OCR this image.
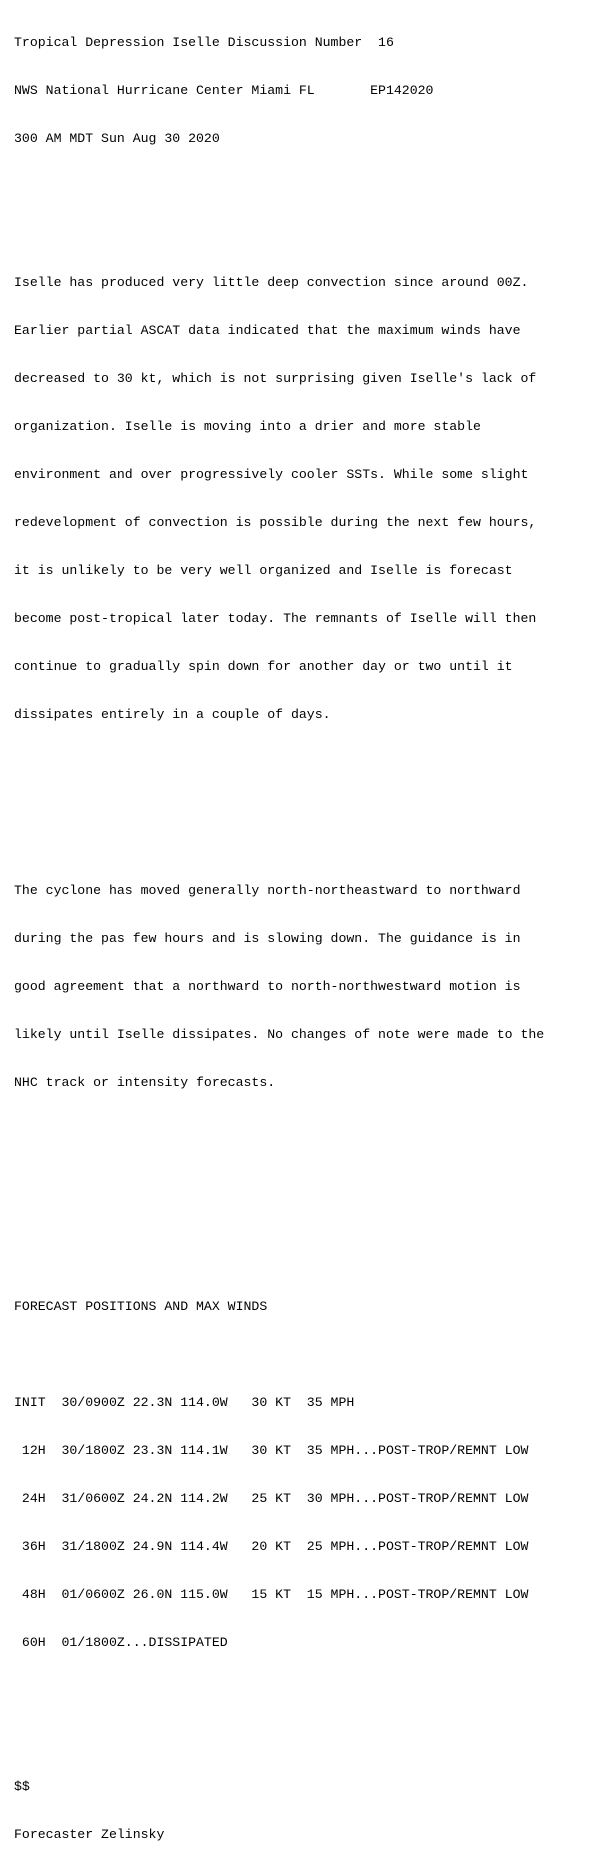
Tropical Depression Iselle Discussion Number  16

NWS National Hurricane Center Miami FL       EP142020

300 AM MDT Sun Aug 30 2020

Iselle has produced very little deep convection since around 00Z.

Earlier partial ASCAT data indicated that the maximum winds have

decreased to 30 kt, which is not surprising given Iselle's lack of

organization. Iselle is moving into a drier and more stable

environment and over progressively cooler SSTs. While some slight

redevelopment of convection is possible during the next few hours,

it is unlikely to be very well organized and Iselle is forecast

become post-tropical later today. The remnants of Iselle will then

continue to gradually spin down for another day or two until it

dissipates entirely in a couple of days.

The cyclone has moved generally north-northeastward to northward

during the pas few hours and is slowing down. The guidance is in

good agreement that a northward to north-northwestward motion is

likely until Iselle dissipates. No changes of note were made to the

NHC track or intensity forecasts.

FORECAST POSITIONS AND MAX WINDS

INIT  30/0900Z 22.3N 114.0W   30 KT  35 MPH

12H  30/1800Z 23.3N 114.1W   30 KT  35 MPH...POST-TROP/REMNT LOW

24H  31/0600Z 24.2N 114.2W   25 KT  30 MPH...POST-TROP/REMNT LOW

36H  31/1800Z 24.9N 114.4W   20 KT  25 MPH...POST-TROP/REMNT LOW

48H  01/0600Z 26.0N 115.0W   15 KT  15 MPH...POST-TROP/REMNT LOW

60H  01/1800Z...DISSIPATED

$$

Forecaster Zelinsky
